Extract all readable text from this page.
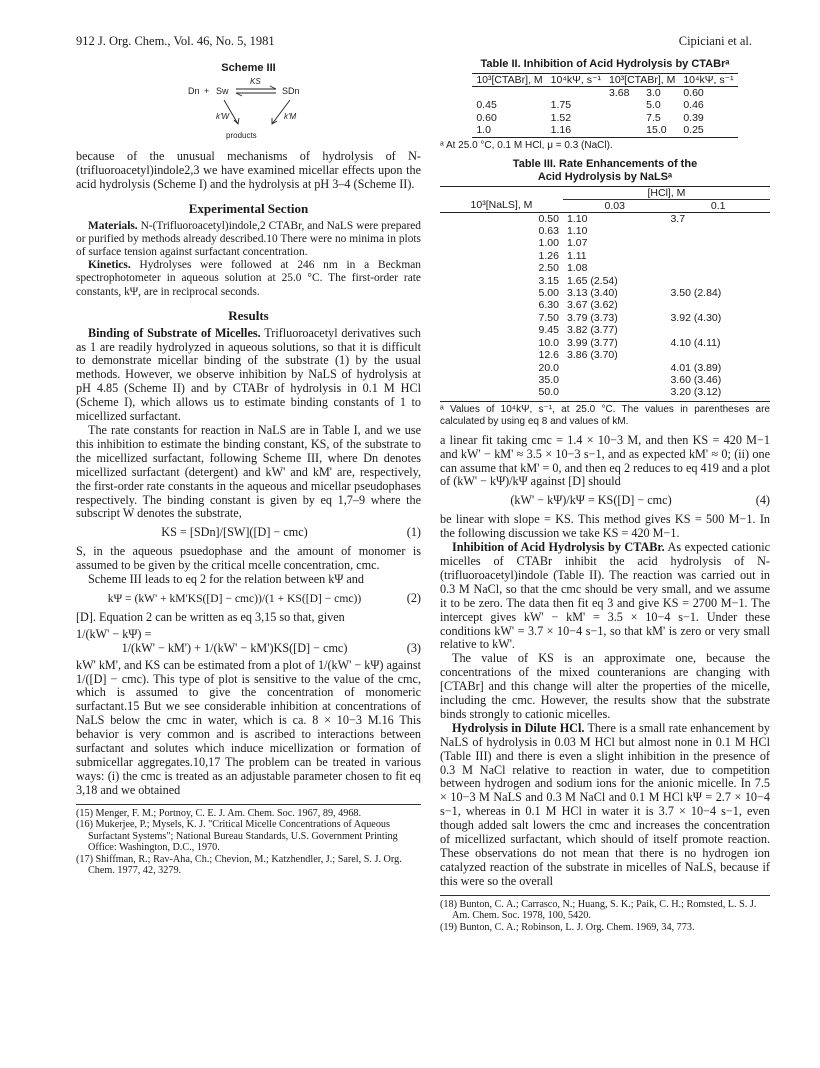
912 J. Org. Chem., Vol. 46, No. 5, 1981	Cipiciani et al.
Scheme III
Dn + Sw
KS
SDn
k'W	k'M
products

because of the unusual mechanisms of hydrolysis of N-(trifluoroacetyl)indole2,3 we have examined micellar effects upon the acid hydrolysis (Scheme I) and the hydrolysis at pH 3–4 (Scheme II).

Experimental Section

Materials. N-(Trifluoroacetyl)indole,2 CTABr, and NaLS were prepared or purified by methods already described.10 There were no minima in plots of surface tension against surfactant concentration.

Kinetics. Hydrolyses were followed at 246 nm in a Beckman spectrophotometer in aqueous solution at 25.0 °C. The first-order rate constants, kΨ, are in reciprocal seconds.

Results

Binding of Substrate of Micelles. Trifluoroacetyl derivatives such as 1 are readily hydrolyzed in aqueous solutions, so that it is difficult to demonstrate micellar binding of the substrate (1) by the usual methods. However, we observe inhibition by NaLS of hydrolysis at pH 4.85 (Scheme II) and by CTABr of hydrolysis in 0.1 M HCl (Scheme I), which allows us to estimate binding constants of 1 to micellized surfactant.

The rate constants for reaction in NaLS are in Table I, and we use this inhibition to estimate the binding constant, KS, of the substrate to the micellized surfactant, following Scheme III, where Dn denotes micellized surfactant (detergent) and kW' and kM' are, respectively, the first-order rate constants in the aqueous and micellar pseudophases respectively. The binding constant is given by eq 1,7–9 where the subscript W denotes the substrate,

KS = [SDn]/[SW]([D] − cmc)	(1)

S, in the aqueous psuedophase and the amount of monomer is assumed to be given by the critical mcelle concentration, cmc.

Scheme III leads to eq 2 for the relation between kΨ and

kΨ = (kW' + kM'KS([D] − cmc))/(1 + KS([D] − cmc))	(2)

[D]. Equation 2 can be written as eq 3,15 so that, given

1/(kW' − kΨ) =
1/(kW' − kM') + 1/(kW' − kM')KS([D] − cmc)	(3)

kW' kM', and KS can be estimated from a plot of 1/(kW' − kΨ) against 1/([D] − cmc). This type of plot is sensitive to the value of the cmc, which is assumed to give the concentration of monomeric surfactant.15 But we see considerable inhibition at concentrations of NaLS below the cmc in water, which is ca. 8 × 10−3 M.16 This behavior is very common and is ascribed to interactions between surfactant and solutes which induce micellization or formation of submicellar aggregates.10,17 The problem can be treated in various ways: (i) the cmc is treated as an adjustable parameter chosen to fit eq 3,18 and we obtained

(15) Menger, F. M.; Portnoy, C. E. J. Am. Chem. Soc. 1967, 89, 4968.
(16) Mukerjee, P.; Mysels, K. J. "Critical Micelle Concentrations of Aqueous Surfactant Systems"; National Bureau Standards, U.S. Government Printing Office: Washington, D.C., 1970.
(17) Shiffman, R.; Rav-Aha, Ch.; Chevion, M.; Katzhendler, J.; Sarel, S. J. Org. Chem. 1977, 42, 3279.
Table II. Inhibition of Acid Hydrolysis by CTABrᵃ
10³[CTABr], M	10⁴kΨ, s⁻¹	10³[CTABr], M		10⁴kΨ, s⁻¹
		3.68	3.0	0.60
0.45	1.75		5.0	0.46
0.60	1.52		7.5	0.39
1.0	1.16		15.0	0.25
ᵃ At 25.0 °C, 0.1 M HCl, μ = 0.3 (NaCl).
Table III. Rate Enhancements of the
Acid Hydrolysis by NaLSᵃ
	[HCl], M	
10³[NaLS], M	0.03	0.1
0.50	1.10	3.7
0.63	1.10	
1.00	1.07	
1.26	1.11	
2.50	1.08	
3.15	1.65 (2.54)	
5.00	3.13 (3.40)	3.50 (2.84)
6.30	3.67 (3.62)	
7.50	3.79 (3.73)	3.92 (4.30)
9.45	3.82 (3.77)	
10.0	3.99 (3.77)	4.10 (4.11)
12.6	3.86 (3.70)	
20.0		4.01 (3.89)
35.0		3.60 (3.46)
50.0		3.20 (3.12)
ᵃ Values of 10⁴kΨ, s⁻¹, at 25.0 °C. The values in parentheses are calculated by using eq 8 and values of kM.

a linear fit taking cmc = 1.4 × 10−3 M, and then KS = 420 M−1 and kW' − kM' ≈ 3.5 × 10−3 s−1, and as expected kM' ≈ 0; (ii) one can assume that kM' = 0, and then eq 2 reduces to eq 419 and a plot of (kW' − kΨ)/kΨ against [D] should

(kW' − kΨ)/kΨ = KS([D] − cmc)	(4)

be linear with slope = KS. This method gives KS = 500 M−1. In the following discussion we take KS = 420 M−1.

Inhibition of Acid Hydrolysis by CTABr. As expected cationic micelles of CTABr inhibit the acid hydrolysis of N-(trifluoroacetyl)indole (Table II). The reaction was carried out in 0.3 M NaCl, so that the cmc should be very small, and we assume it to be zero. The data then fit eq 3 and give KS = 2700 M−1. The intercept gives kW' − kM' = 3.5 × 10−4 s−1. Under these conditions kW' = 3.7 × 10−4 s−1, so that kM' is zero or very small relative to kW'.

The value of KS is an approximate one, because the concentrations of the mixed counteranions are changing with [CTABr] and this change will alter the properties of the micelle, including the cmc. However, the results show that the substrate binds strongly to cationic micelles.

Hydrolysis in Dilute HCl. There is a small rate enhancement by NaLS of hydrolysis in 0.03 M HCl but almost none in 0.1 M HCl (Table III) and there is even a slight inhibition in the presence of 0.3 M NaCl relative to reaction in water, due to competition between hydrogen and sodium ions for the anionic micelle. In 7.5 × 10−3 M NaLS and 0.3 M NaCl and 0.1 M HCl kΨ = 2.7 × 10−4 s−1, whereas in 0.1 M HCl in water it is 3.7 × 10−4 s−1, even though added salt lowers the cmc and increases the concentration of micellized surfactant, which should of itself promote reaction. These observations do not mean that there is no hydrogen ion catalyzed reaction of the substrate in micelles of NaLS, because if this were so the overall

(18) Bunton, C. A.; Carrasco, N.; Huang, S. K.; Paik, C. H.; Romsted, L. S. J. Am. Chem. Soc. 1978, 100, 5420.
(19) Bunton, C. A.; Robinson, L. J. Org. Chem. 1969, 34, 773.
